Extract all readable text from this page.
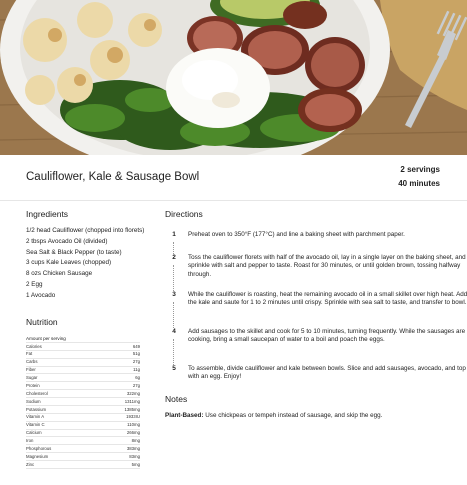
Cauliflower, Kale & Sausage Bowl
2 servings
40 minutes
Ingredients
1/2 head Cauliflower (chopped into florets)
2 tbsps Avocado Oil (divided)
Sea Salt & Black Pepper (to taste)
3 cups Kale Leaves (chopped)
8 ozs Chicken Sausage
2 Egg
1 Avocado
Nutrition
Amount per serving	
Calories	649
Fat	51g
Carbs	27g
Fiber	11g
Sugar	6g
Protein	27g
Cholesterol	322mg
Sodium	1311mg
Potassium	1385mg
Vitamin A	1933IU
Vitamin C	110mg
Calcium	266mg
Iron	8mg
Phosphorous	383mg
Magnesium	83mg
Zinc	5mg
Directions
1	Preheat oven to 350°F (177°C) and line a baking sheet with parchment paper.
2	Toss the cauliflower florets with half of the avocado oil, lay in a single layer on the baking sheet, and sprinkle with salt and pepper to taste. Roast for 30 minutes, or until golden brown, tossing halfway through.
3	While the cauliflower is roasting, heat the remaining avocado oil in a small skillet over high heat. Add the kale and saute for 1 to 2 minutes until crispy. Sprinkle with sea salt to taste, and transfer to bowl.
4	Add sausages to the skillet and cook for 5 to 10 minutes, turning frequently. While the sausages are cooking, bring a small saucepan of water to a boil and poach the eggs.
5	To assemble, divide cauliflower and kale between bowls. Slice and add sausages, avocado, and top with an egg. Enjoy!
Notes
Plant-Based: Use chickpeas or tempeh instead of sausage, and skip the egg.
